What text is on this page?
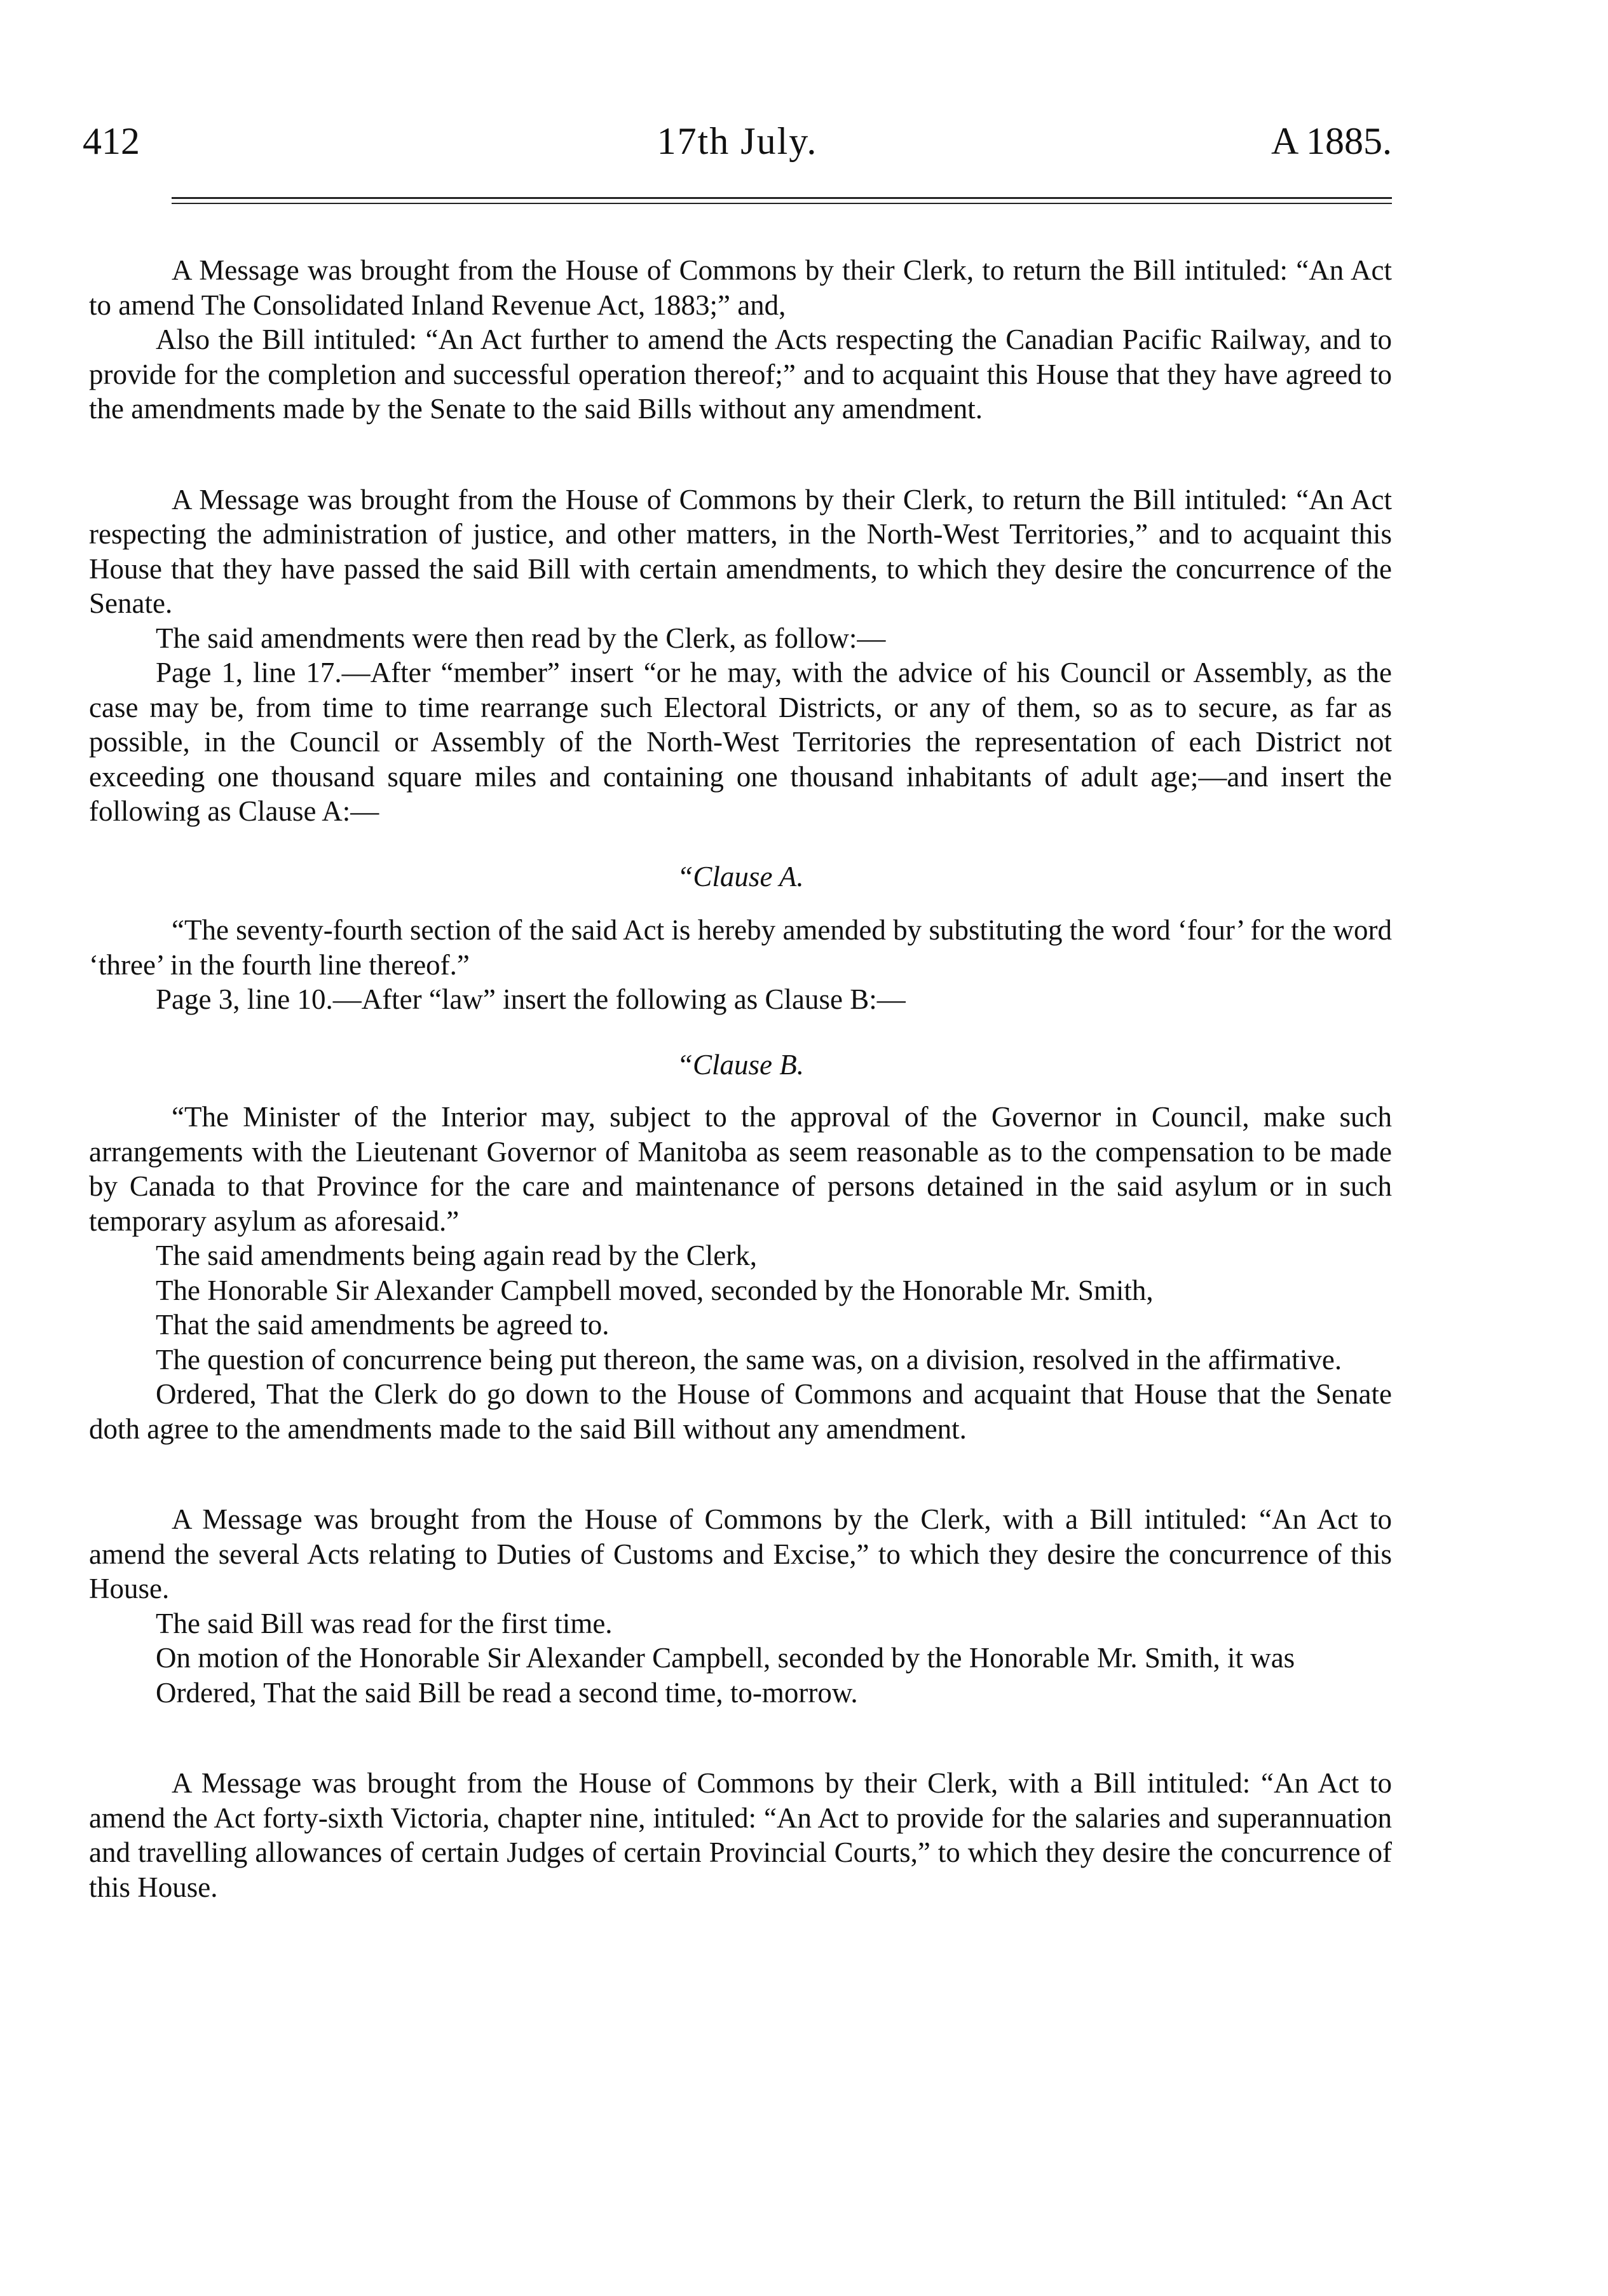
412	17th July.	A 1885.

A Message was brought from the House of Commons by their Clerk, to return the Bill intituled: “An Act to amend The Consolidated Inland Revenue Act, 1883;” and,

Also the Bill intituled: “An Act further to amend the Acts respecting the Canadian Pacific Railway, and to provide for the completion and successful operation thereof;” and to acquaint this House that they have agreed to the amendments made by the Senate to the said Bills without any amendment.

A Message was brought from the House of Commons by their Clerk, to return the Bill intituled: “An Act respecting the administration of justice, and other matters, in the North-West Territories,” and to acquaint this House that they have passed the said Bill with certain amendments, to which they desire the concurrence of the Senate.

The said amendments were then read by the Clerk, as follow:—

Page 1, line 17.—After “member” insert “or he may, with the advice of his Council or Assembly, as the case may be, from time to time rearrange such Electoral Districts, or any of them, so as to secure, as far as possible, in the Council or Assembly of the North-West Territories the representation of each District not exceeding one thousand square miles and containing one thousand inhabitants of adult age;—and insert the following as Clause A:—

“Clause A.

“The seventy-fourth section of the said Act is hereby amended by substituting the word ‘four’ for the word ‘three’ in the fourth line thereof.”

Page 3, line 10.—After “law” insert the following as Clause B:—

“Clause B.

“The Minister of the Interior may, subject to the approval of the Governor in Council, make such arrangements with the Lieutenant Governor of Manitoba as seem reasonable as to the compensation to be made by Canada to that Province for the care and maintenance of persons detained in the said asylum or in such temporary asylum as aforesaid.”

The said amendments being again read by the Clerk,

The Honorable Sir Alexander Campbell moved, seconded by the Honorable Mr. Smith,

That the said amendments be agreed to.

The question of concurrence being put thereon, the same was, on a division, resolved in the affirmative.

Ordered, That the Clerk do go down to the House of Commons and acquaint that House that the Senate doth agree to the amendments made to the said Bill without any amendment.

A Message was brought from the House of Commons by the Clerk, with a Bill intituled: “An Act to amend the several Acts relating to Duties of Customs and Excise,” to which they desire the concurrence of this House.

The said Bill was read for the first time.

On motion of the Honorable Sir Alexander Campbell, seconded by the Honorable Mr. Smith, it was

Ordered, That the said Bill be read a second time, to-morrow.

A Message was brought from the House of Commons by their Clerk, with a Bill intituled: “An Act to amend the Act forty-sixth Victoria, chapter nine, intituled: “An Act to provide for the salaries and superannuation and travelling allowances of certain Judges of certain Provincial Courts,” to which they desire the concurrence of this House.
